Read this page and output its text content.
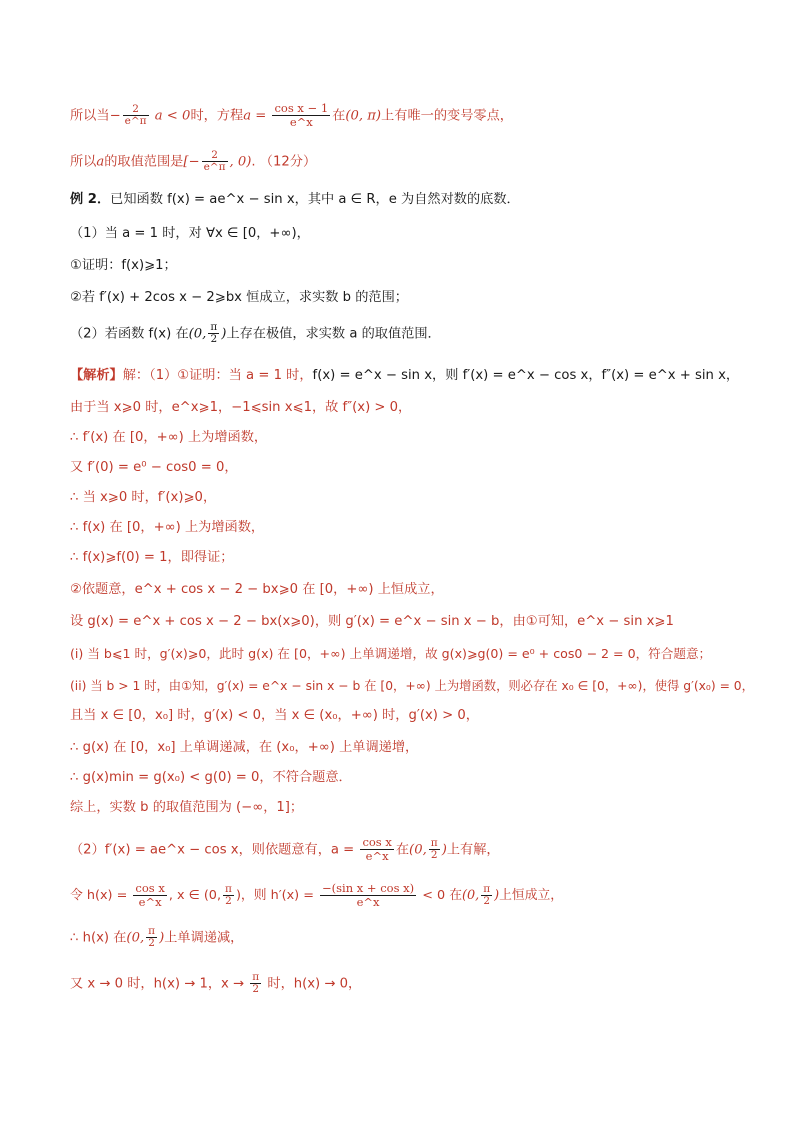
所以当− $\frac{2}{e\^{}\pi}$ a < 0时，方程$a = \frac{\text{cos x − 1}}{e\^{}x}$ 在(0, π)上有唯一的变号零点，
所以a的取值范围是[− $\frac{2}{e\^{}\pi}$ , 0). （12分）
例 2．已知函数 f(x) = ae^x − sin x，其中 a ∈ R，e 为自然对数的底数．
（1）当 a = 1 时，对 ∀x ∈ [0，+∞)，
①证明：f(x)⩾1；
②若 f′(x) + 2cos x − 2⩾bx 恒成立，求实数 b 的范围；
（2）若函数 f(x) 在(0, $\frac{\pi}{2}$ )上存在极值，求实数 a 的取值范围．
【解析】解：（1）①证明：当 a = 1 时，f(x) = e^x − sin x，则 f′(x) = e^x − cos x，f″(x) = e^x + sin x，
由于当 x⩾0 时，e^x⩾1，−1⩽sin x⩽1，故 f″(x) > 0，
∴ f′(x) 在 [0，+∞) 上为增函数，
又 f′(0) = e⁰ − cos0 = 0，
∴ 当 x⩾0 时，f′(x)⩾0，
∴ f(x) 在 [0，+∞) 上为增函数，
∴ f(x)⩾f(0) = 1，即得证；
②依题意，e^x + cos x − 2 − bx⩾0 在 [0，+∞) 上恒成立，
设 g(x) = e^x + cos x − 2 − bx(x⩾0)，则 g′(x) = e^x − sin x − b，由①可知，e^x − sin x⩾1
(i) 当 b⩽1 时，g′(x)⩾0，此时 g(x) 在 [0，+∞) 上单调递增，故 g(x)⩾g(0) = e⁰ + cos0 − 2 = 0，符合题意；
(ii) 当 b > 1 时，由①知，g′(x) = e^x − sin x − b 在 [0，+∞) 上为增函数，则必存在 x₀ ∈ [0，+∞)，使得 g′(x₀) = 0，
且当 x ∈ [0，x₀] 时，g′(x) < 0，当 x ∈ (x₀，+∞) 时，g′(x) > 0，
∴ g(x) 在 [0，x₀] 上单调递减，在 (x₀，+∞) 上单调递增，
∴ g(x)min = g(x₀) < g(0) = 0，不符合题意．
综上，实数 b 的取值范围为 (−∞，1]；
（2）f′(x) = ae^x − cos x，则依题意有，$a = \frac{\text{cos x}}{e\^{}x}$ 在(0, $\frac{\pi}{2}$ )上有解，
令 $h(x) = \frac{\text{cos x}}{e\^{}x}$ , x ∈ (0, $\frac{\pi}{2}$ )，则 $h'(x) = \frac{\text{−(sin x + cos x)}}{e\^{}x} < 0$ 在(0, $\frac{\pi}{2}$ )上恒成立，
∴ h(x) 在(0, $\frac{\pi}{2}$ )上单调递减，
又 x → 0 时，h(x) → 1，$x \to \frac{\pi}{2}$ 时，h(x) → 0，
